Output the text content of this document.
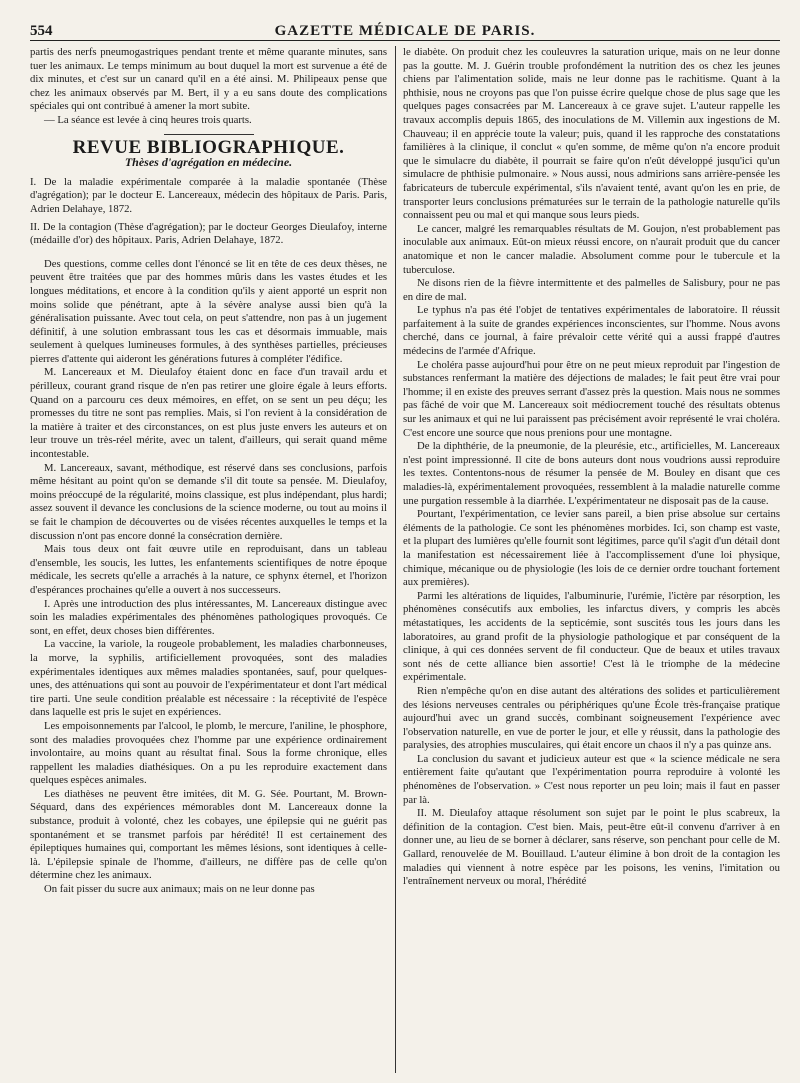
554	GAZETTE MÉDICALE DE PARIS.

partis des nerfs pneumogastriques pendant trente et même quarante minutes, sans tuer les animaux. Le temps minimum au bout duquel la mort est survenue a été de dix minutes, et c'est sur un canard qu'il en a été ainsi. M. Philipeaux pense que chez les animaux observés par M. Bert, il y a eu sans doute des complications spéciales qui ont contribué à amener la mort subite.

— La séance est levée à cinq heures trois quarts.

REVUE BIBLIOGRAPHIQUE.
Thèses d'agrégation en médecine.

I. De la maladie expérimentale comparée à la maladie spontanée (Thèse d'agrégation); par le docteur E. Lancereaux, médecin des hôpitaux de Paris. Paris, Adrien Delahaye, 1872.

II. De la contagion (Thèse d'agrégation); par le docteur Georges Dieulafoy, interne (médaille d'or) des hôpitaux. Paris, Adrien Delahaye, 1872.

Des questions, comme celles dont l'énoncé se lit en tête de ces deux thèses, ne peuvent être traitées que par des hommes mûris dans les vastes études et les longues méditations, et encore à la condition qu'ils y aient apporté un esprit non moins solide que pénétrant, apte à la sévère analyse aussi bien qu'à la généralisation puissante. Avec tout cela, on peut s'attendre, non pas à un jugement définitif, à une solution embrassant tous les cas et désormais immuable, mais seulement à quelques lumineuses formules, à des synthèses partielles, précieuses pierres d'attente qui aideront les générations futures à compléter l'édifice.

M. Lancereaux et M. Dieulafoy étaient donc en face d'un travail ardu et périlleux, courant grand risque de n'en pas retirer une gloire égale à leurs efforts. Quand on a parcouru ces deux mémoires, en effet, on se sent un peu déçu; les promesses du titre ne sont pas remplies. Mais, si l'on revient à la considération de la matière à traiter et des circonstances, on est plus juste envers les auteurs et on leur trouve un très-réel mérite, avec un talent, d'ailleurs, qui serait quand même incontestable.

M. Lancereaux, savant, méthodique, est réservé dans ses conclusions, parfois même hésitant au point qu'on se demande s'il dit toute sa pensée. M. Dieulafoy, moins préoccupé de la régularité, moins classique, est plus indépendant, plus hardi; assez souvent il devance les conclusions de la science moderne, ou tout au moins il se fait le champion de découvertes ou de visées récentes auxquelles le temps et la discussion n'ont pas encore donné la consécration dernière.

Mais tous deux ont fait œuvre utile en reproduisant, dans un tableau d'ensemble, les soucis, les luttes, les enfantements scientifiques de notre époque médicale, les secrets qu'elle a arrachés à la nature, ce sphynx éternel, et l'horizon d'espérances prochaines qu'elle a ouvert à nos successeurs.

I. Après une introduction des plus intéressantes, M. Lancereaux distingue avec soin les maladies expérimentales des phénomènes pathologiques provoqués. Ce sont, en effet, deux choses bien différentes.

La vaccine, la variole, la rougeole probablement, les maladies charbonneuses, la morve, la syphilis, artificiellement provoquées, sont des maladies expérimentales identiques aux mêmes maladies spontanées, sauf, pour quelques-unes, des atténuations qui sont au pouvoir de l'expérimentateur et dont l'art médical tire parti. Une seule condition préalable est nécessaire : la réceptivité de l'espèce dans laquelle est pris le sujet en expériences.

Les empoisonnements par l'alcool, le plomb, le mercure, l'aniline, le phosphore, sont des maladies provoquées chez l'homme par une expérience ordinairement involontaire, au moins quant au résultat final. Sous la forme chronique, elles rappellent les maladies diathésiques. On a pu les reproduire exactement dans quelques espèces animales.

Les diathèses ne peuvent être imitées, dit M. G. Sée. Pourtant, M. Brown-Séquard, dans des expériences mémorables dont M. Lancereaux donne la substance, produit à volonté, chez les cobayes, une épilepsie qui ne guérit pas spontanément et se transmet parfois par hérédité! Il est certainement des épileptiques humaines qui, comportant les mêmes lésions, sont identiques à celle-là. L'épilepsie spinale de l'homme, d'ailleurs, ne diffère pas de celle qu'on détermine chez les animaux.

On fait pisser du sucre aux animaux; mais on ne leur donne pas

le diabète. On produit chez les couleuvres la saturation urique, mais on ne leur donne pas la goutte. M. J. Guérin trouble profondément la nutrition des os chez les jeunes chiens par l'alimentation solide, mais ne leur donne pas le rachitisme. Quant à la phthisie, nous ne croyons pas que l'on puisse écrire quelque chose de plus sage que les quelques pages consacrées par M. Lancereaux à ce grave sujet. L'auteur rappelle les travaux accomplis depuis 1865, des inoculations de M. Villemin aux ingestions de M. Chauveau; il en apprécie toute la valeur; puis, quand il les rapproche des constatations familières à la clinique, il conclut « qu'en somme, de même qu'on n'a encore produit que le simulacre du diabète, il pourrait se faire qu'on n'eût développé jusqu'ici qu'un simulacre de phthisie pulmonaire. » Nous aussi, nous admirions sans arrière-pensée les fabricateurs de tubercule expérimental, s'ils n'avaient tenté, avant qu'on les en prie, de transporter leurs conclusions prématurées sur le terrain de la pathologie naturelle qu'ils connaissent peu ou mal et qui manque sous leurs pieds.

Le cancer, malgré les remarquables résultats de M. Goujon, n'est probablement pas inoculable aux animaux. Eût-on mieux réussi encore, on n'aurait produit que du cancer anatomique et non le cancer maladie. Absolument comme pour le tubercule et la tuberculose.

Ne disons rien de la fièvre intermittente et des palmelles de Salisbury, pour ne pas en dire de mal.

Le typhus n'a pas été l'objet de tentatives expérimentales de laboratoire. Il réussit parfaitement à la suite de grandes expériences inconscientes, sur l'homme. Nous avons cherché, dans ce journal, à faire prévaloir cette vérité qui a aussi frappé d'autres médecins de l'armée d'Afrique.

Le choléra passe aujourd'hui pour être on ne peut mieux reproduit par l'ingestion de substances renfermant la matière des déjections de malades; le fait peut être vrai pour l'homme; il en existe des preuves serrant d'assez près la question. Mais nous ne sommes pas fâché de voir que M. Lancereaux soit médiocrement touché des résultats obtenus sur les animaux et qui ne lui paraissent pas précisément avoir représenté le vrai choléra. C'est encore une source que nous prenions pour une montagne.

De la diphthérie, de la pneumonie, de la pleurésie, etc., artificielles, M. Lancereaux n'est point impressionné. Il cite de bons auteurs dont nous voudrions aussi reproduire les textes. Contentons-nous de résumer la pensée de M. Bouley en disant que ces maladies-là, expérimentalement provoquées, ressemblent à la maladie naturelle comme une purgation ressemble à la diarrhée. L'expérimentateur ne disposait pas de la cause.

Pourtant, l'expérimentation, ce levier sans pareil, a bien prise absolue sur certains éléments de la pathologie. Ce sont les phénomènes morbides. Ici, son champ est vaste, et la plupart des lumières qu'elle fournit sont légitimes, parce qu'il s'agit d'un détail dont la manifestation est nécessairement liée à l'accomplissement d'une loi physique, chimique, mécanique ou de physiologie (les lois de ce dernier ordre touchant fortement aux premières).

Parmi les altérations de liquides, l'albuminurie, l'urémie, l'ictère par résorption, les phénomènes consécutifs aux embolies, les infarctus divers, y compris les abcès métastatiques, les accidents de la septicémie, sont suscités tous les jours dans les laboratoires, au grand profit de la physiologie pathologique et par conséquent de la clinique, à qui ces données servent de fil conducteur. Que de beaux et utiles travaux sont nés de cette alliance bien assortie! C'est là le triomphe de la médecine expérimentale.

Rien n'empêche qu'on en dise autant des altérations des solides et particulièrement des lésions nerveuses centrales ou périphériques qu'une École très-française pratique aujourd'hui avec un grand succès, combinant soigneusement l'expérience avec l'observation naturelle, en vue de porter le jour, et elle y réussit, dans la pathologie des paralysies, des atrophies musculaires, qui était encore un chaos il n'y a pas quinze ans.

La conclusion du savant et judicieux auteur est que « la science médicale ne sera entièrement faite qu'autant que l'expérimentation pourra reproduire à volonté les phénomènes de l'observation. » C'est nous reporter un peu loin; mais il faut en passer par là.

II. M. Dieulafoy attaque résolument son sujet par le point le plus scabreux, la définition de la contagion. C'est bien. Mais, peut-être eût-il convenu d'arriver à en donner une, au lieu de se borner à déclarer, sans réserve, son penchant pour celle de M. Gallard, renouvelée de M. Bouillaud. L'auteur élimine à bon droit de la contagion les maladies qui viennent à notre espèce par les poisons, les venins, l'imitation ou l'entraînement nerveux ou moral, l'hérédité
